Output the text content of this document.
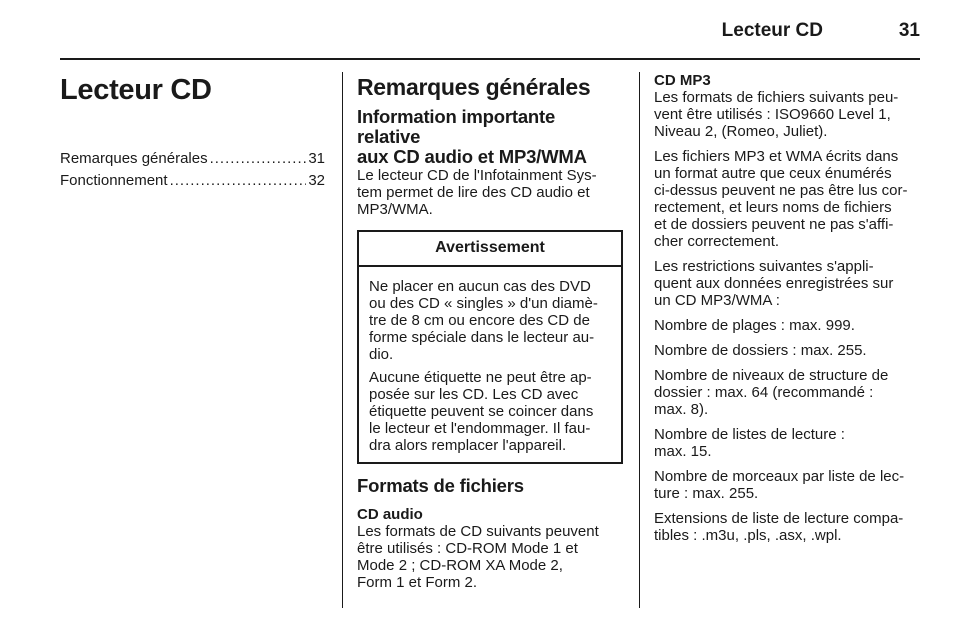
Lecteur CD	31
Lecteur CD
Remarques générales .....	31
Fonctionnement .....	32
Remarques générales
Information importante relative
aux CD audio et MP3/WMA

Le lecteur CD de l'Infotainment Sys-
tem permet de lire des CD audio et
MP3/WMA.

Avertissement

Ne placer en aucun cas des DVD
ou des CD « singles » d'un diamè-
tre de 8 cm ou encore des CD de
forme spéciale dans le lecteur au-
dio.

Aucune étiquette ne peut être ap-
posée sur les CD. Les CD avec
étiquette peuvent se coincer dans
le lecteur et l'endommager. Il fau-
dra alors remplacer l'appareil.

Formats de fichiers
CD audio

Les formats de CD suivants peuvent
être utilisés : CD-ROM Mode 1 et
Mode 2 ; CD-ROM XA Mode 2,
Form 1 et Form 2.

CD MP3

Les formats de fichiers suivants peu-
vent être utilisés : ISO9660 Level 1,
Niveau 2, (Romeo, Juliet).

Les fichiers MP3 et WMA écrits dans
un format autre que ceux énumérés
ci-dessus peuvent ne pas être lus cor-
rectement, et leurs noms de fichiers
et de dossiers peuvent ne pas s'affi-
cher correctement.

Les restrictions suivantes s'appli-
quent aux données enregistrées sur
un CD MP3/WMA :

Nombre de plages : max. 999.

Nombre de dossiers : max. 255.

Nombre de niveaux de structure de
dossier : max. 64 (recommandé :
max. 8).

Nombre de listes de lecture :
max. 15.

Nombre de morceaux par liste de lec-
ture : max. 255.

Extensions de liste de lecture compa-
tibles : .m3u, .pls, .asx, .wpl.
